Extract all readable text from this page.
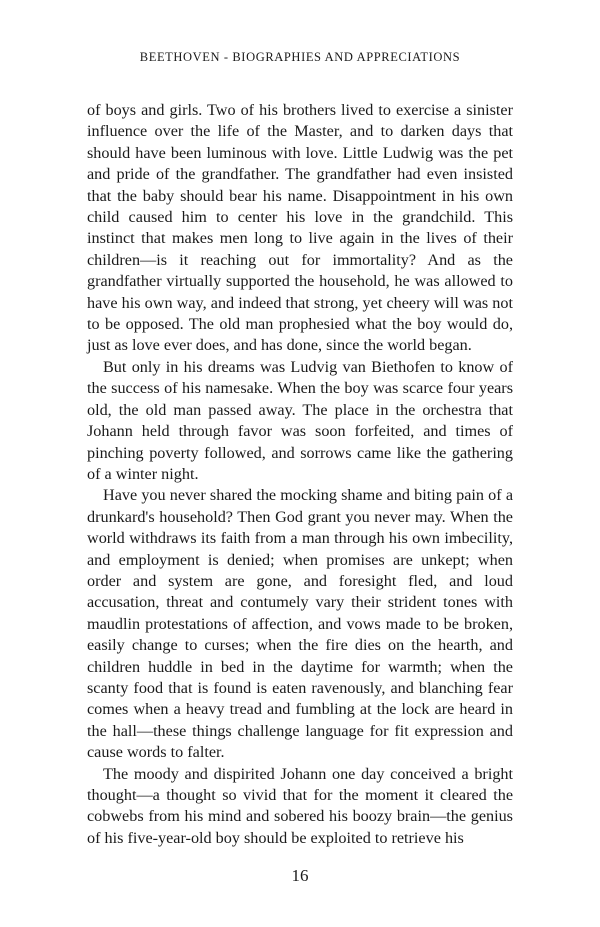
BEETHOVEN - BIOGRAPHIES AND APPRECIATIONS

of boys and girls. Two of his brothers lived to exercise a sinister influence over the life of the Master, and to darken days that should have been luminous with love. Little Ludwig was the pet and pride of the grandfather. The grandfather had even insisted that the baby should bear his name. Disappointment in his own child caused him to center his love in the grandchild. This instinct that makes men long to live again in the lives of their children—is it reaching out for immortality? And as the grandfather virtually supported the household, he was allowed to have his own way, and indeed that strong, yet cheery will was not to be opposed. The old man prophesied what the boy would do, just as love ever does, and has done, since the world began.

But only in his dreams was Ludvig van Biethofen to know of the success of his namesake. When the boy was scarce four years old, the old man passed away. The place in the orchestra that Johann held through favor was soon forfeited, and times of pinching poverty followed, and sorrows came like the gathering of a winter night.

Have you never shared the mocking shame and biting pain of a drunkard's household? Then God grant you never may. When the world withdraws its faith from a man through his own imbecility, and employment is denied; when promises are unkept; when order and system are gone, and foresight fled, and loud accusation, threat and contumely vary their strident tones with maudlin protestations of affection, and vows made to be broken, easily change to curses; when the fire dies on the hearth, and children huddle in bed in the daytime for warmth; when the scanty food that is found is eaten ravenously, and blanching fear comes when a heavy tread and fumbling at the lock are heard in the hall—these things challenge language for fit expression and cause words to falter.

The moody and dispirited Johann one day conceived a bright thought—a thought so vivid that for the moment it cleared the cobwebs from his mind and sobered his boozy brain—the genius of his five-year-old boy should be exploited to retrieve his

16
